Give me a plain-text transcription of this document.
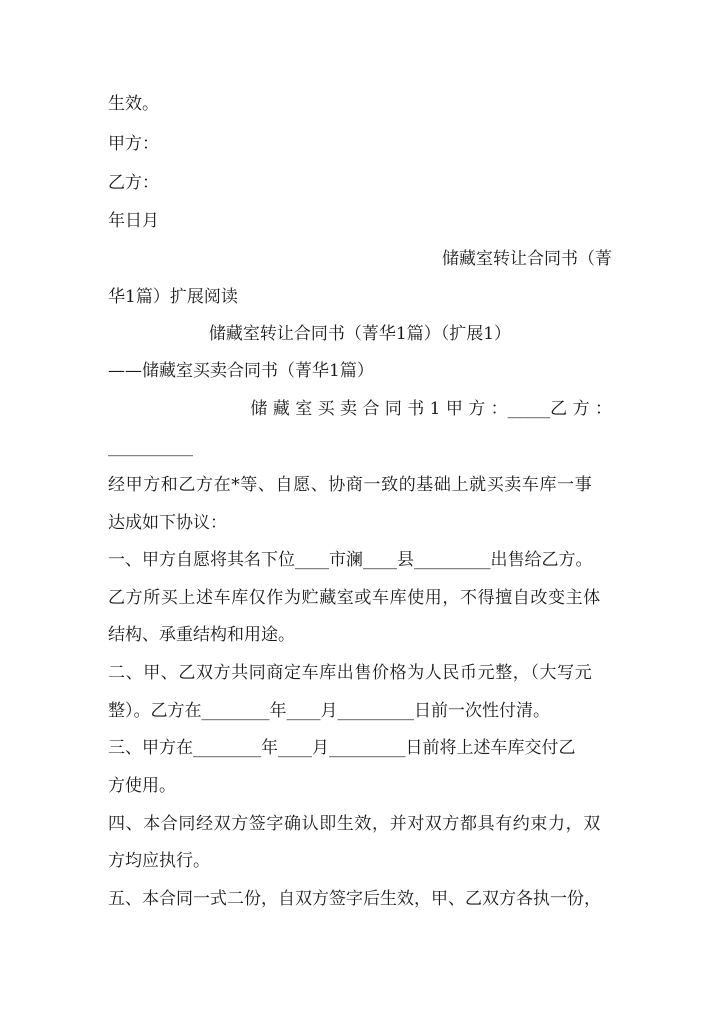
生效。
甲方：
乙方：
年日月
储藏室转让合同书（菁
华1篇）扩展阅读
储藏室转让合同书（菁华1篇）（扩展1）
——储藏室买卖合同书（菁华1篇）
储 藏 室 买 卖 合 同 书 1 甲 方 ：_____乙 方 ：
__________
经甲方和乙方在*等、自愿、协商一致的基础上就买卖车库一事
达成如下协议：
一、甲方自愿将其名下位____市澜____县_________出售给乙方。
乙方所买上述车库仅作为贮藏室或车库使用，不得擅自改变主体
结构、承重结构和用途。
二、甲、乙双方共同商定车库出售价格为人民币元整，（大写元
整）。乙方在________年____月_________日前一次性付清。
三、甲方在________年____月_________日前将上述车库交付乙
方使用。
四、本合同经双方签字确认即生效，并对双方都具有约束力，双
方均应执行。
五、本合同一式二份，自双方签字后生效，甲、乙双方各执一份，
